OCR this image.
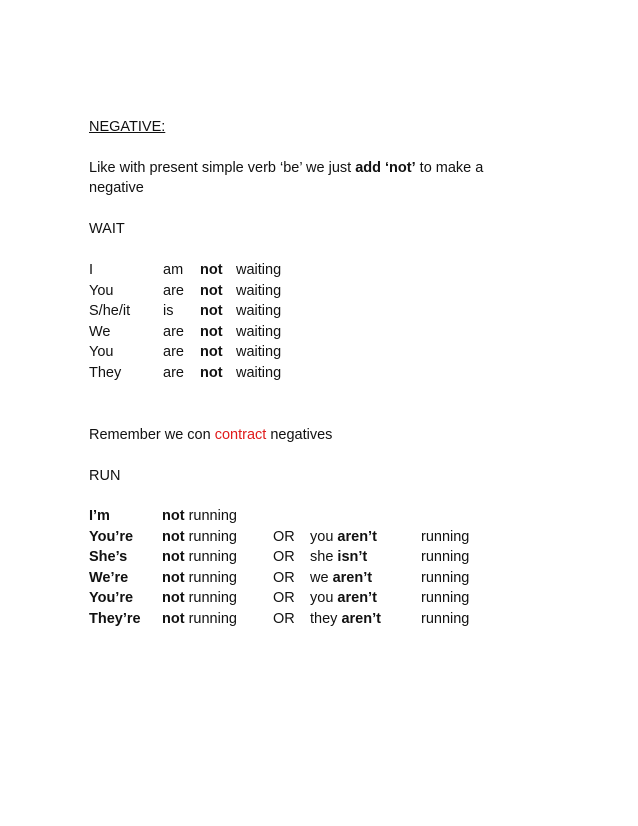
NEGATIVE:
Like with present simple verb ‘be’ we just add ‘not’ to make a
negative
WAIT
I	am not waiting
You	are not waiting
S/he/it is not waiting
We	are not waiting
You	are not waiting
They	are not waiting
Remember we con contract negatives
RUN
I’m	not running
You’re not running OR you aren’t	running
She’s not running OR she isn’t	running
We’re not running OR we aren’t	running
You’re not running OR you aren’t	running
They’re not running OR they aren’t	running
